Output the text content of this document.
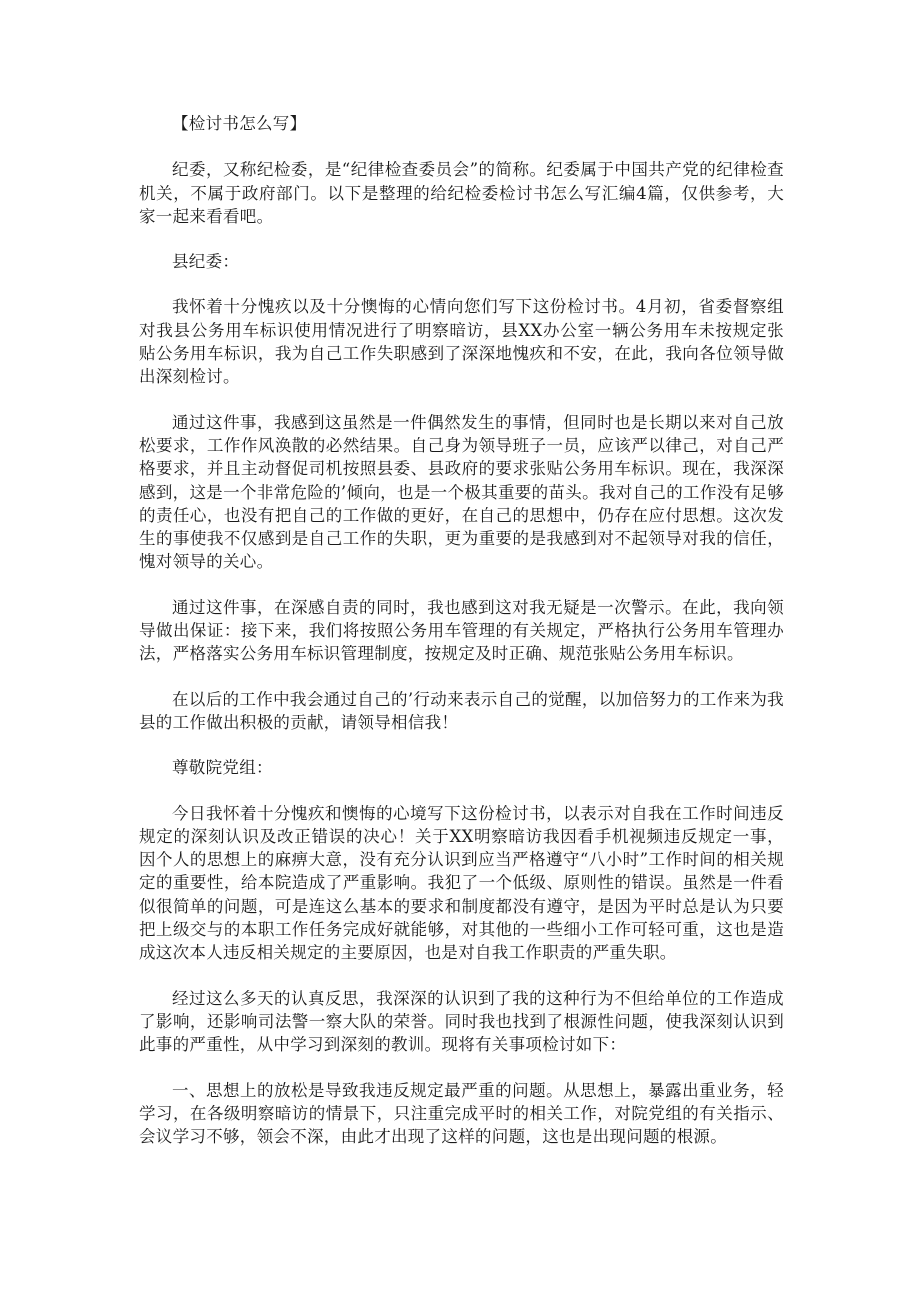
【检讨书怎么写】

纪委，又称纪检委，是“纪律检查委员会”的简称。纪委属于中国共产党的纪律检查机关，不属于政府部门。以下是整理的给纪检委检讨书怎么写汇编4篇，仅供参考，大家一起来看看吧。

县纪委：

我怀着十分愧疚以及十分懊悔的心情向您们写下这份检讨书。4月初，省委督察组对我县公务用车标识使用情况进行了明察暗访，县XX办公室一辆公务用车未按规定张贴公务用车标识，我为自己工作失职感到了深深地愧疚和不安，在此，我向各位领导做出深刻检讨。

通过这件事，我感到这虽然是一件偶然发生的事情，但同时也是长期以来对自己放松要求，工作作风涣散的必然结果。自己身为领导班子一员，应该严以律己，对自己严格要求，并且主动督促司机按照县委、县政府的要求张贴公务用车标识。现在，我深深感到，这是一个非常危险的’倾向，也是一个极其重要的苗头。我对自己的工作没有足够的责任心，也没有把自己的工作做的更好，在自己的思想中，仍存在应付思想。这次发生的事使我不仅感到是自己工作的失职，更为重要的是我感到对不起领导对我的信任，愧对领导的关心。

通过这件事，在深感自责的同时，我也感到这对我无疑是一次警示。在此，我向领导做出保证：接下来，我们将按照公务用车管理的有关规定，严格执行公务用车管理办法，严格落实公务用车标识管理制度，按规定及时正确、规范张贴公务用车标识。

在以后的工作中我会通过自己的’行动来表示自己的觉醒，以加倍努力的工作来为我县的工作做出积极的贡献，请领导相信我！

尊敬院党组：

今日我怀着十分愧疚和懊悔的心境写下这份检讨书，以表示对自我在工作时间违反规定的深刻认识及改正错误的决心！关于XX明察暗访我因看手机视频违反规定一事，因个人的思想上的麻痹大意，没有充分认识到应当严格遵守“八小时”工作时间的相关规定的重要性，给本院造成了严重影响。我犯了一个低级、原则性的错误。虽然是一件看似很简单的问题，可是连这么基本的要求和制度都没有遵守，是因为平时总是认为只要把上级交与的本职工作任务完成好就能够，对其他的一些细小工作可轻可重，这也是造成这次本人违反相关规定的主要原因，也是对自我工作职责的严重失职。

经过这么多天的认真反思，我深深的认识到了我的这种行为不但给单位的工作造成了影响，还影响司法警一察大队的荣誉。同时我也找到了根源性问题，使我深刻认识到此事的严重性，从中学习到深刻的教训。现将有关事项检讨如下：

一、思想上的放松是导致我违反规定最严重的问题。从思想上，暴露出重业务，轻学习，在各级明察暗访的情景下，只注重完成平时的相关工作，对院党组的有关指示、会议学习不够，领会不深，由此才出现了这样的问题，这也是出现问题的根源。
